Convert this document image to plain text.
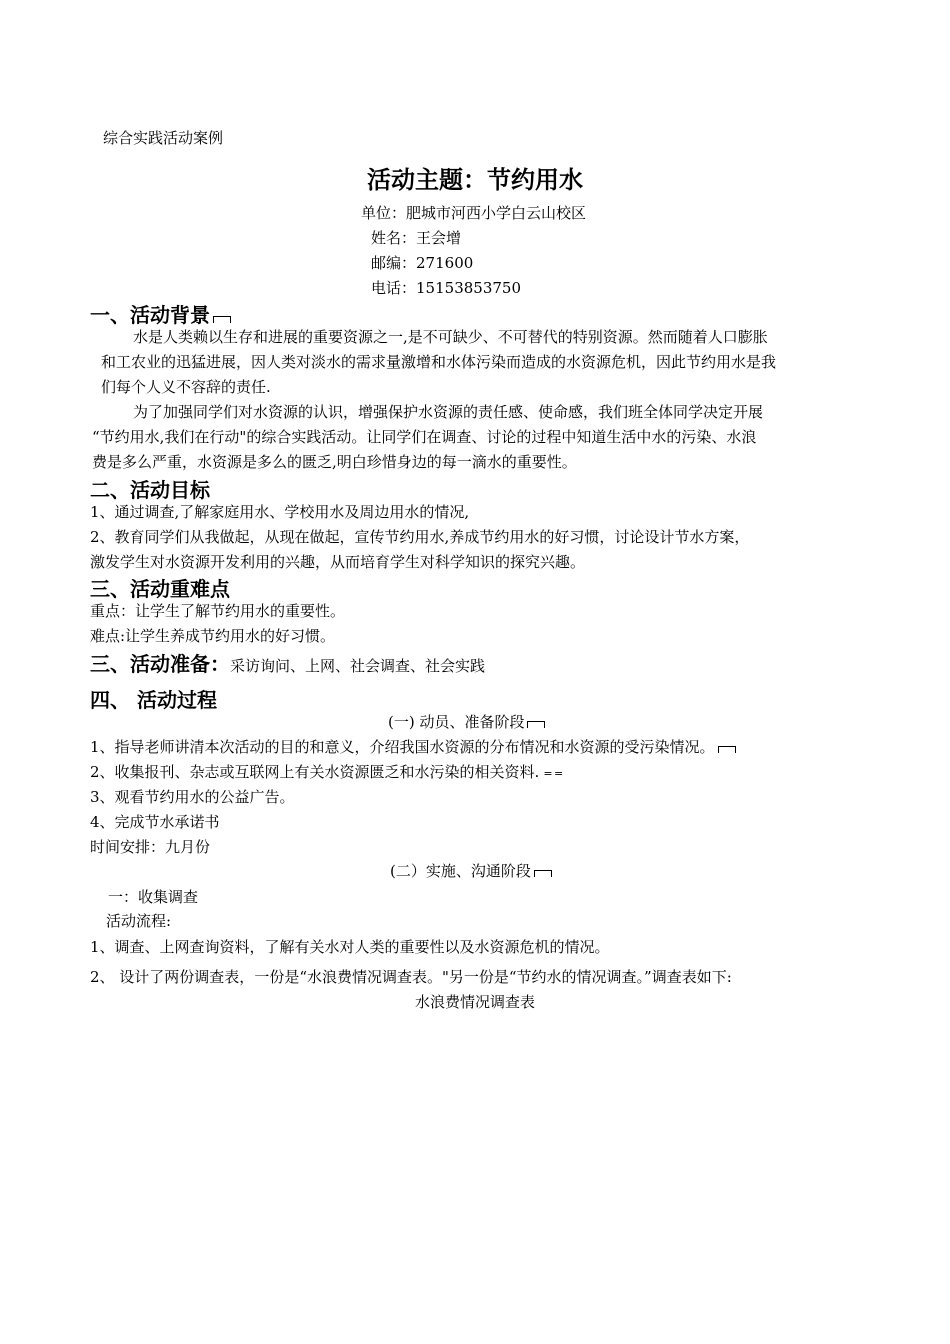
综合实践活动案例
活动主题：节约用水
单位：肥城市河西小学白云山校区
姓名：王会增
邮编：271600
电话：15153853750
一、活动背景
水是人类赖以生存和进展的重要资源之一,是不可缺少、不可替代的特别资源。然而随着人口膨胀
和工农业的迅猛进展，因人类对淡水的需求量激增和水体污染而造成的水资源危机，因此节约用水是我
们每个人义不容辞的责任.
为了加强同学们对水资源的认识，增强保护水资源的责任感、使命感，我们班全体同学决定开展
“节约用水,我们在行动"的综合实践活动。让同学们在调查、讨论的过程中知道生活中水的污染、水浪
费是多么严重，水资源是多么的匮乏,明白珍惜身边的每一滴水的重要性。
二、活动目标
1、通过调查,了解家庭用水、学校用水及周边用水的情况,
2、教育同学们从我做起，从现在做起，宣传节约用水,养成节约用水的好习惯，讨论设计节水方案，
激发学生对水资源开发利用的兴趣，从而培育学生对科学知识的探究兴趣。
三、活动重难点
重点：让学生了解节约用水的重要性。
难点:让学生养成节约用水的好习惯。
三、活动准备：采访询问、上网、社会调查、社会实践
四、 活动过程
(一) 动员、准备阶段
1、指导老师讲清本次活动的目的和意义，介绍我国水资源的分布情况和水资源的受污染情况。
2、收集报刊、杂志或互联网上有关水资源匮乏和水污染的相关资料. = =
3、观看节约用水的公益广告。
4、完成节水承诺书
时间安排：九月份
(二）实施、沟通阶段
一：收集调查
活动流程:
1、调查、上网查询资料，了解有关水对人类的重要性以及水资源危机的情况。
2、 设计了两份调查表，一份是“水浪费情况调查表。"另一份是“节约水的情况调查。”调查表如下:
水浪费情况调查表
